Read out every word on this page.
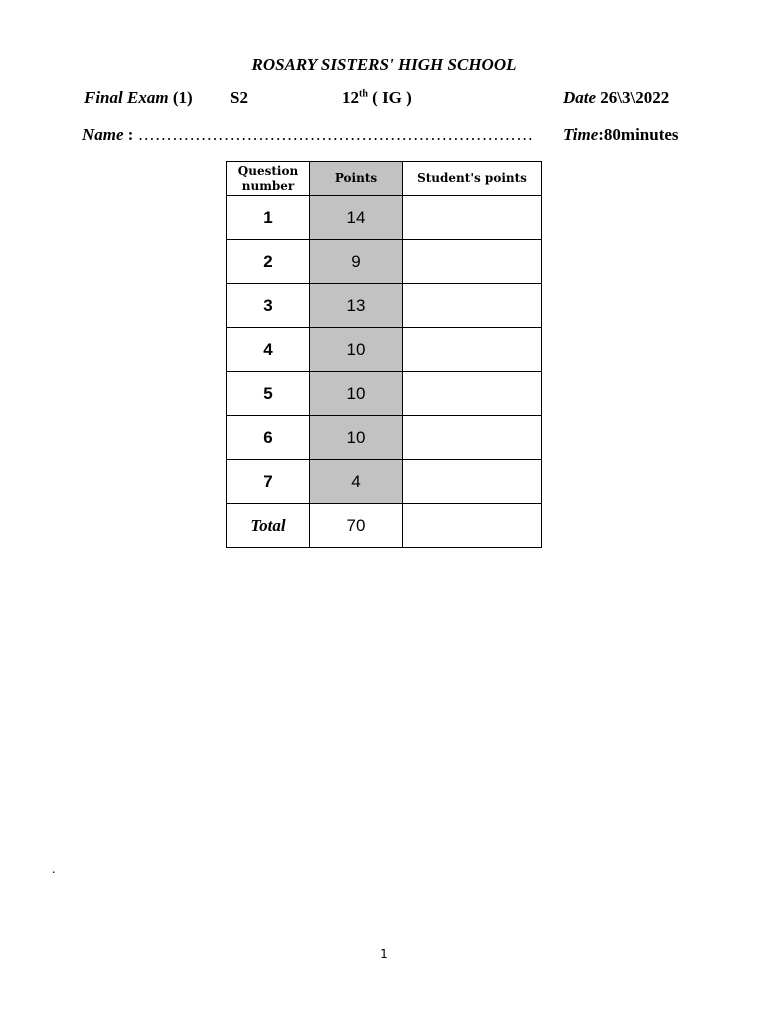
ROSARY SISTERS' HIGH SCHOOL
Final Exam (1) S2	12th ( IG )	Date 26\3\2022
Name : …………………………………………………………… Time:80minutes
Question
number	Points	Student's points
1	14	
2	9	
3	13	
4	10	
5	10	
6	10	
7	4	
Total	70	
.
1
